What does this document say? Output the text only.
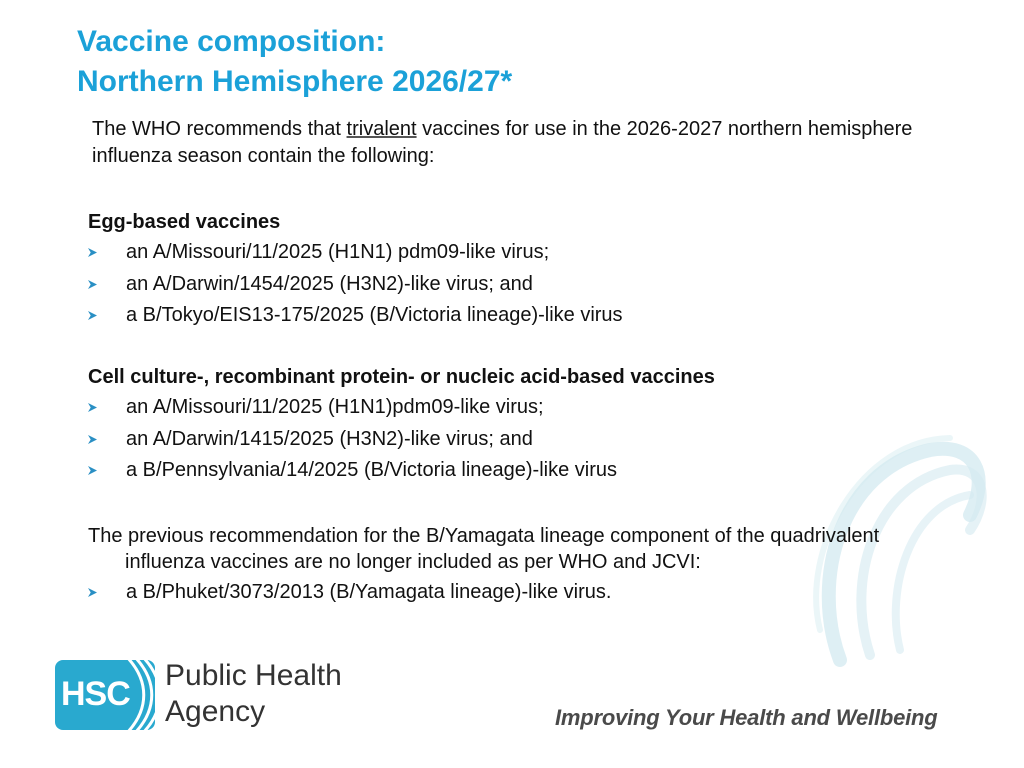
Vaccine composition:
Northern Hemisphere 2026/27*

The WHO recommends that trivalent vaccines for use in the 2026-2027 northern hemisphere influenza season contain the following:

Egg-based vaccines

an A/Missouri/11/2025 (H1N1) pdm09-like virus;
an A/Darwin/1454/2025 (H3N2)-like virus; and
a B/Tokyo/EIS13-175/2025 (B/Victoria lineage)-like virus

Cell culture-, recombinant protein- or nucleic acid-based vaccines

an A/Missouri/11/2025 (H1N1)pdm09-like virus;
an A/Darwin/1415/2025 (H3N2)-like virus; and
a B/Pennsylvania/14/2025 (B/Victoria lineage)-like virus

The previous recommendation for the B/Yamagata lineage component of the quadrivalent influenza vaccines are no longer included as per WHO and JCVI:

a B/Phuket/3073/2013 (B/Yamagata lineage)-like virus.
HSC Public Health
Agency	Improving Your Health and Wellbeing
